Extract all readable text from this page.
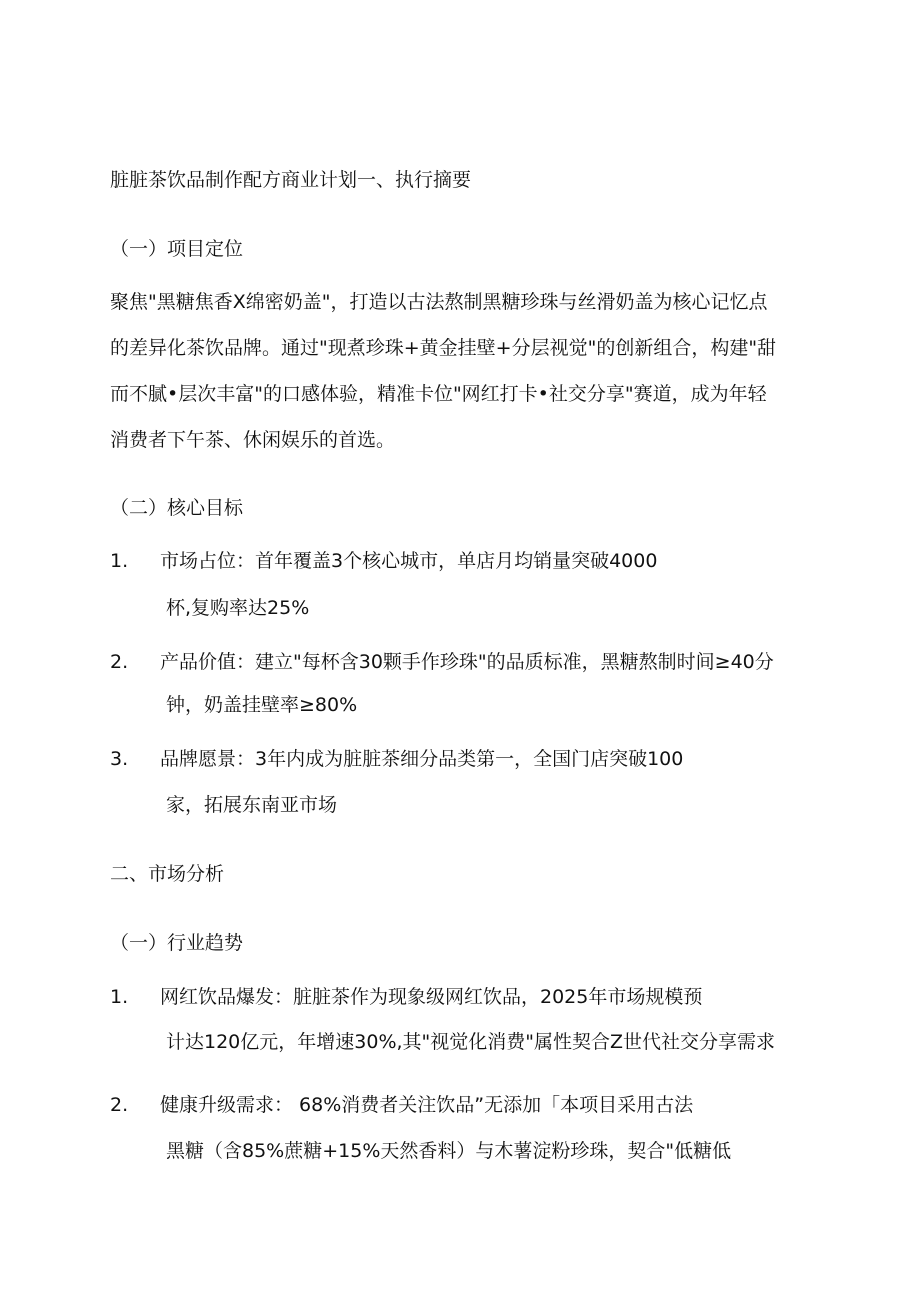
脏脏茶饮品制作配方商业计划一、执行摘要
（一）项目定位
聚焦"黑糖焦香X绵密奶盖"，打造以古法熬制黑糖珍珠与丝滑奶盖为核心记忆点
的差异化茶饮品牌。通过"现煮珍珠+黄金挂壁+分层视觉"的创新组合，构建"甜
而不腻•层次丰富"的口感体验，精准卡位"网红打卡•社交分享"赛道，成为年轻
消费者下午茶、休闲娱乐的首选。
（二）核心目标
1. 市场占位：首年覆盖3个核心城市，单店月均销量突破4000
杯,复购率达25%
2. 产品价值：建立"每杯含30颗手作珍珠"的品质标准，黑糖熬制时间≥40分
钟，奶盖挂壁率≥80%
3. 品牌愿景：3年内成为脏脏茶细分品类第一，全国门店突破100
家，拓展东南亚市场
二、市场分析
（一）行业趋势
1. 网红饮品爆发：脏脏茶作为现象级网红饮品，2025年市场规模预
计达120亿元，年增速30%,其"视觉化消费"属性契合Z世代社交分享需求
2. 健康升级需求： 68%消费者关注饮品”无添加「本项目采用古法
黑糖（含85%蔗糖+15%天然香料）与木薯淀粉珍珠，契合"低糖低
